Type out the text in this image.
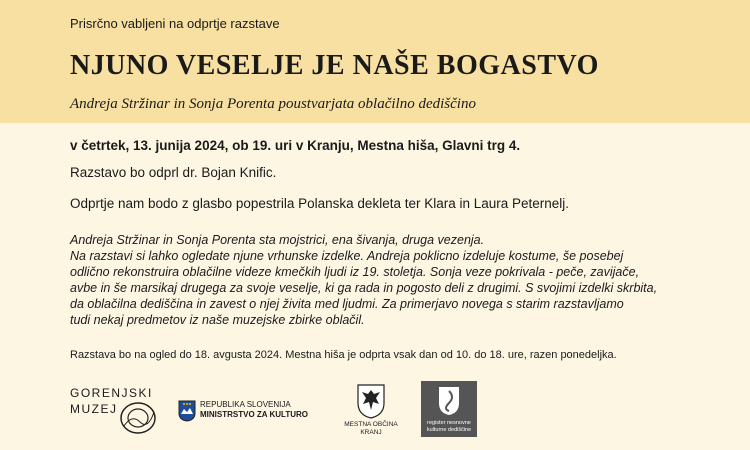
Prisrčno vabljeni na odprtje razstave
NJUNO VESELJE JE NAŠE BOGASTVO
Andreja Stržinar in Sonja Porenta poustvarjata oblačilno dediščino
v četrtek, 13. junija 2024, ob 19. uri v Kranju, Mestna hiša, Glavni trg 4.
Razstavo bo odprl dr. Bojan Knific.
Odprtje nam bodo z glasbo popestrila Polanska dekleta ter Klara in Laura Peternelj.
Andreja Stržinar in Sonja Porenta sta mojstrici, ena šivanja, druga vezenja.
Na razstavi si lahko ogledate njune vrhunske izdelke. Andreja poklicno izdeluje kostume, še posebej
odlično rekonstruira oblačilne videze kmečkih ljudi iz 19. stoletja. Sonja veze pokrivala - peče, zavijače,
avbe in še marsikaj drugega za svoje veselje, ki ga rada in pogosto deli z drugimi. S svojimi izdelki skrbita,
da oblačilna dediščina in zavest o njej živita med ljudmi. Za primerjavo novega s starim razstavljamo
tudi nekaj predmetov iz naše muzejske zbirke oblačil.
Razstava bo na ogled do 18. avgusta 2024. Mestna hiša je odprta vsak dan od 10. do 18. ure, razen ponedeljka.
GORENJSKI
MUZEJ	REPUBLIKA SLOVENIJA
MINISTRSTVO ZA KULTURO
MESTNA OBČINA
KRANJ
register nesnovne
kulturne dediščine
